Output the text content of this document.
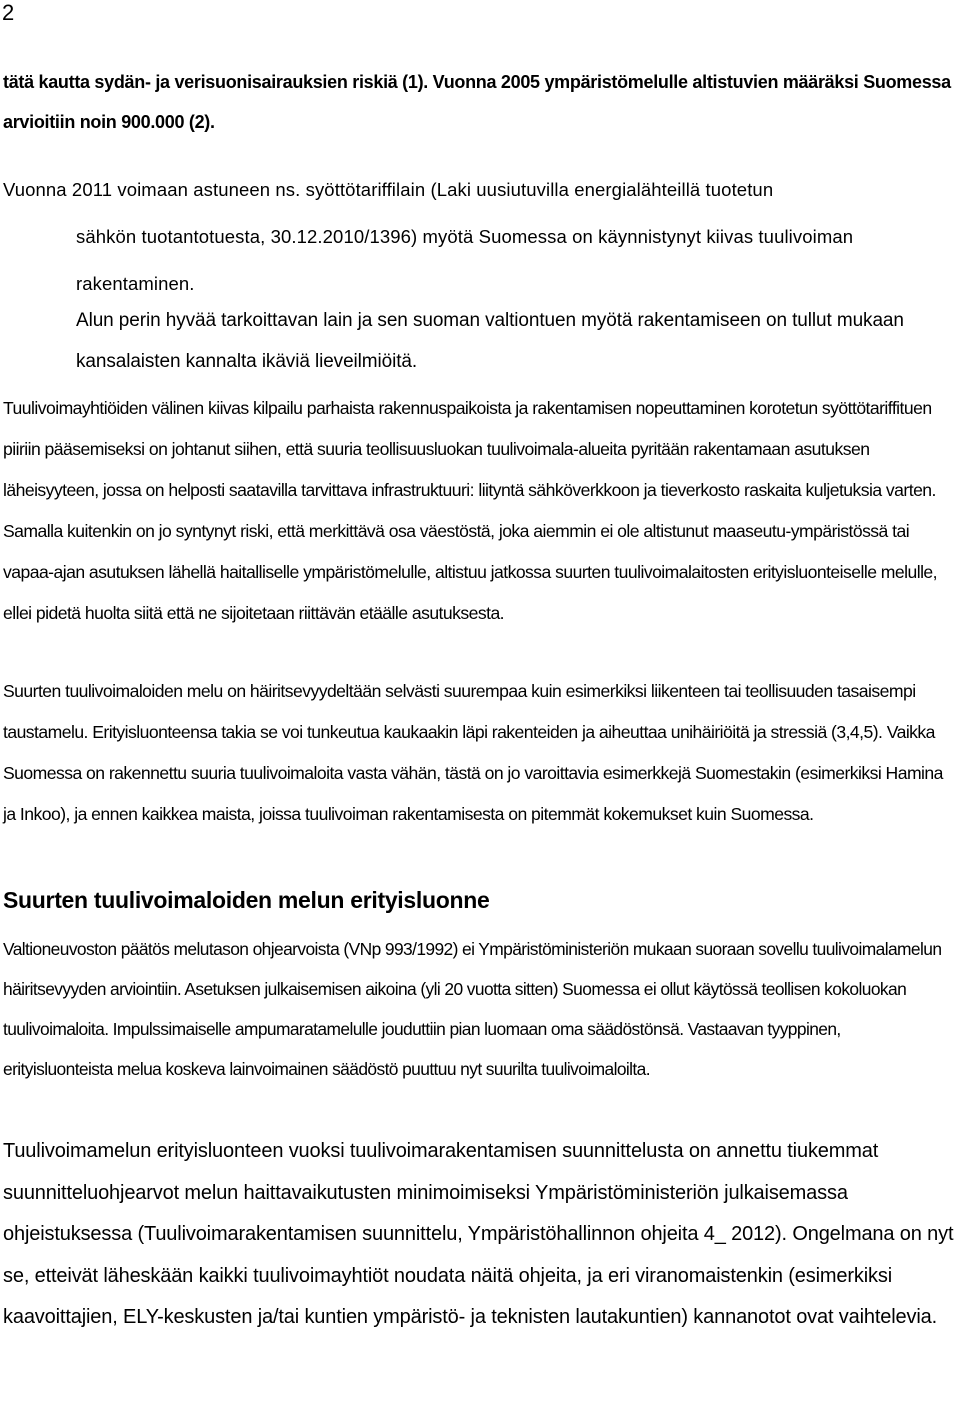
2

tätä kautta sydän- ja verisuonisairauksien riskiä (1). Vuonna 2005 ympäristömelulle altistuvien määräksi Suomessa arvioitiin noin 900.000 (2).

Vuonna 2011 voimaan astuneen ns. syöttötariffilain (Laki uusiutuvilla energialähteillä tuotetun

sähkön tuotantotuesta, 30.12.2010/1396) myötä Suomessa on käynnistynyt kiivas tuulivoiman rakentaminen.

Alun perin hyvää tarkoittavan lain ja sen suoman valtiontuen myötä rakentamiseen on tullut mukaan kansalaisten kannalta ikäviä lieveilmiöitä.

Tuulivoimayhtiöiden välinen kiivas kilpailu parhaista rakennuspaikoista ja rakentamisen nopeuttaminen korotetun syöttötariffituen piiriin pääsemiseksi on johtanut siihen, että suuria teollisuusluokan tuulivoimala-alueita pyritään rakentamaan asutuksen läheisyyteen, jossa on helposti saatavilla tarvittava infrastruktuuri: liityntä sähköverkkoon ja tieverkosto raskaita kuljetuksia varten. Samalla kuitenkin on jo syntynyt riski, että merkittävä osa väestöstä, joka aiemmin ei ole altistunut maaseutu-ympäristössä tai vapaa-ajan asutuksen lähellä haitalliselle ympäristömelulle, altistuu jatkossa suurten tuulivoimalaitosten erityisluonteiselle melulle, ellei pidetä huolta siitä että ne sijoitetaan riittävän etäälle asutuksesta.

Suurten tuulivoimaloiden melu on häiritsevyydeltään selvästi suurempaa kuin esimerkiksi liikenteen tai teollisuuden tasaisempi taustamelu. Erityisluonteensa takia se voi tunkeutua kaukaakin läpi rakenteiden ja aiheuttaa unihäiriöitä ja stressiä (3,4,5). Vaikka Suomessa on rakennettu suuria tuulivoimaloita vasta vähän, tästä on jo varoittavia esimerkkejä Suomestakin (esimerkiksi Hamina ja Inkoo), ja ennen kaikkea maista, joissa tuulivoiman rakentamisesta on pitemmät kokemukset kuin Suomessa.

Suurten tuulivoimaloiden melun erityisluonne

Valtioneuvoston päätös melutason ohjearvoista (VNp 993/1992) ei Ympäristöministeriön mukaan suoraan sovellu tuulivoimalamelun häiritsevyyden arviointiin. Asetuksen julkaisemisen aikoina (yli 20 vuotta sitten) Suomessa ei ollut käytössä teollisen kokoluokan tuulivoimaloita. Impulssimaiselle ampumaratamelulle jouduttiin pian luomaan oma säädöstönsä. Vastaavan tyyppinen, erityisluonteista melua koskeva lainvoimainen säädöstö puuttuu nyt suurilta tuulivoimaloilta.

Tuulivoimamelun erityisluonteen vuoksi tuulivoimarakentamisen suunnittelusta on annettu tiukemmat suunnitteluohjearvot melun haittavaikutusten minimoimiseksi Ympäristöministeriön julkaisemassa ohjeistuksessa (Tuulivoimarakentamisen suunnittelu, Ympäristöhallinnon ohjeita 4_ 2012). Ongelmana on nyt se, etteivät läheskään kaikki tuulivoimayhtiöt noudata näitä ohjeita, ja eri viranomaistenkin (esimerkiksi kaavoittajien, ELY-keskusten ja/tai kuntien ympäristö- ja teknisten lautakuntien) kannanotot ovat vaihtelevia.
